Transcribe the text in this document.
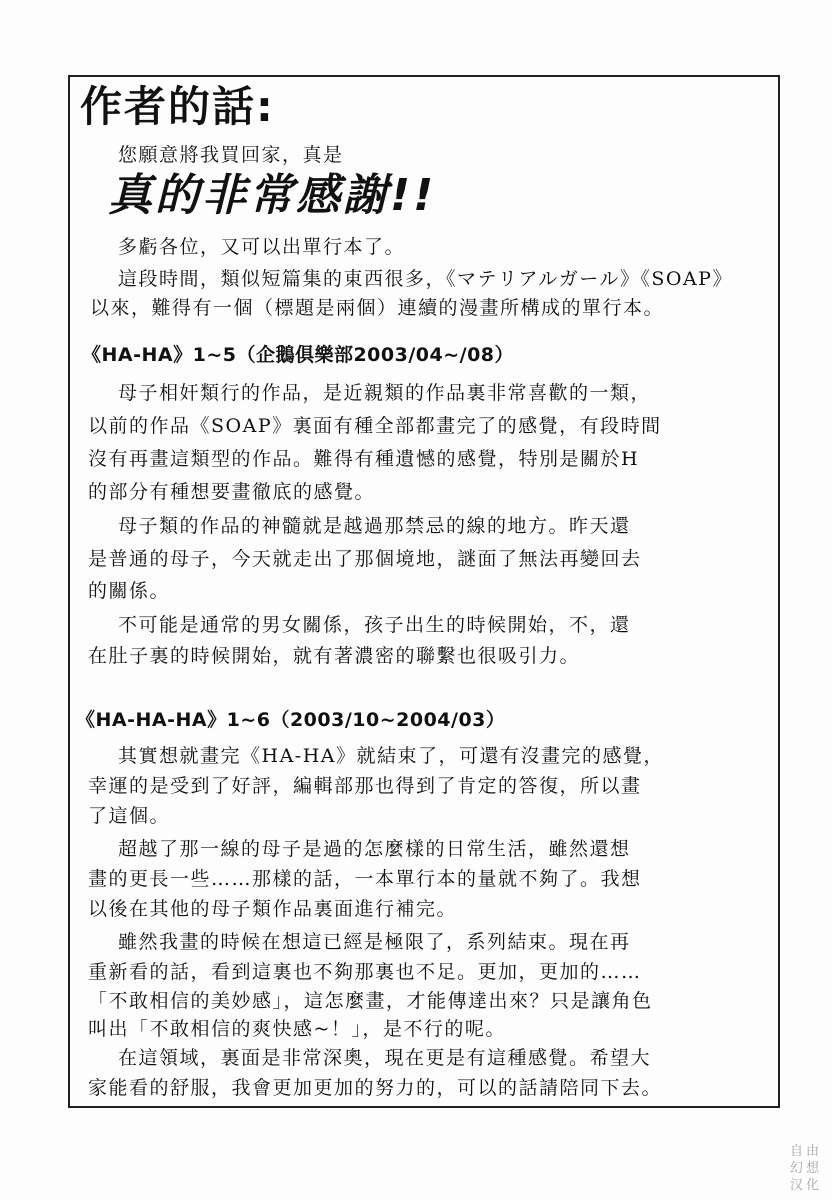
作者的話:

您願意將我買回家，真是

真的非常感謝!!

多虧各位，又可以出單行本了。

這段時間，類似短篇集的東西很多，《マテリアルガール》《SOAP》

以來，難得有一個（標題是兩個）連續的漫畫所構成的單行本。

《HA-HA》1~5（企鵝俱樂部2003/04~/08）

母子相奸類行的作品，是近親類的作品裏非常喜歡的一類，

以前的作品《SOAP》裏面有種全部都畫完了的感覺，有段時間

沒有再畫這類型的作品。難得有種遺憾的感覺，特別是關於H

的部分有種想要畫徹底的感覺。

母子類的作品的神髓就是越過那禁忌的線的地方。昨天還

是普通的母子，今天就走出了那個境地，謎面了無法再變回去

的關係。

不可能是通常的男女關係，孩子出生的時候開始，不，還

在肚子裏的時候開始，就有著濃密的聯繫也很吸引力。

《HA-HA-HA》1~6（2003/10~2004/03）

其實想就畫完《HA-HA》就結束了，可還有沒畫完的感覺，

幸運的是受到了好評，編輯部那也得到了肯定的答復，所以畫

了這個。

超越了那一線的母子是過的怎麼樣的日常生活，雖然還想

畫的更長一些……那樣的話，一本單行本的量就不夠了。我想

以後在其他的母子類作品裏面進行補完。

雖然我畫的時候在想這已經是極限了，系列結束。現在再

重新看的話，看到這裏也不夠那裏也不足。更加，更加的……

「不敢相信的美妙感」，這怎麼畫，才能傳達出來？只是讓角色

叫出「不敢相信的爽快感~！」，是不行的呢。

在這領域，裏面是非常深奧，現在更是有這種感覺。希望大

家能看的舒服，我會更加更加的努力的，可以的話請陪同下去。

自由幻想汉化
